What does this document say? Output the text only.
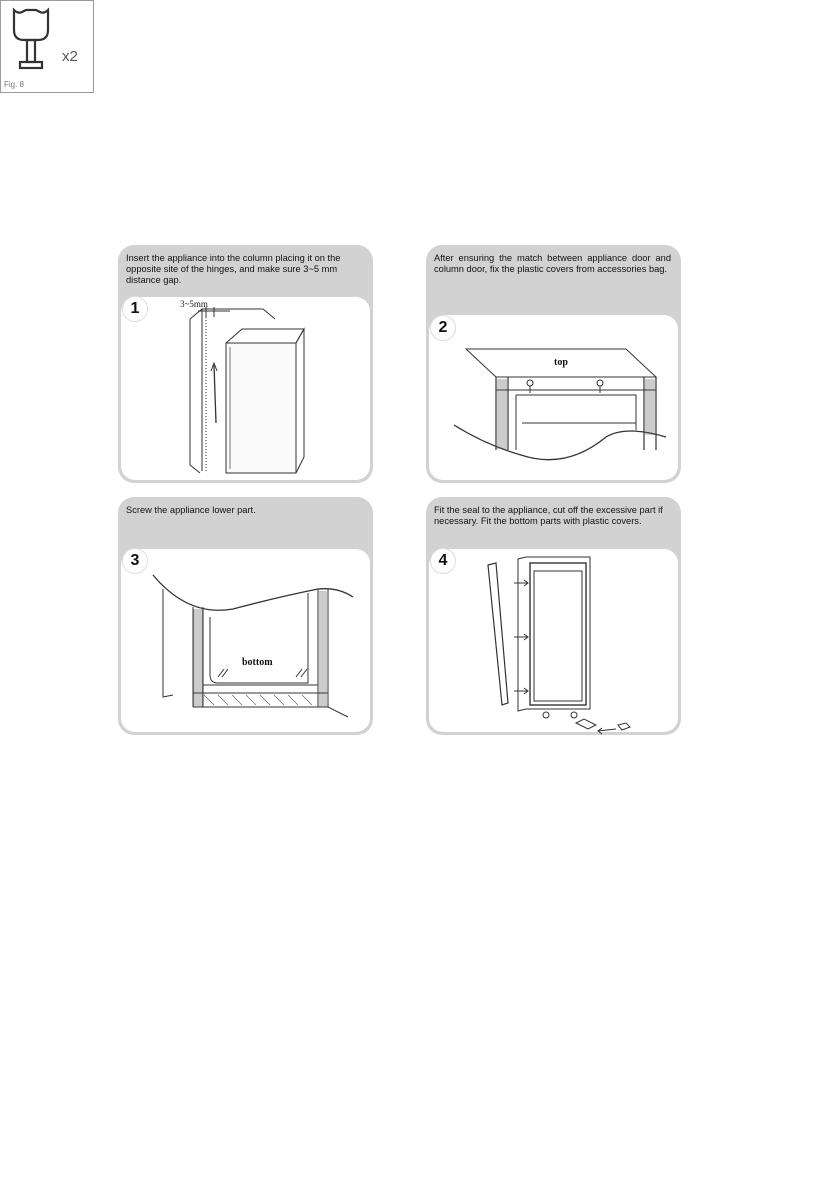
x2
Fig. 8
Insert the appliance into the column placing it on the opposite site of the hinges, and make sure 3~5 mm distance gap.
1	3~5mm
After ensuring the match between appliance door and column door, fix the plastic covers from accessories bag.
2
top
Screw the appliance lower part.
3
bottom
Fit the seal to the appliance, cut off the excessive part if necessary. Fit the bottom parts with plastic covers.
4
